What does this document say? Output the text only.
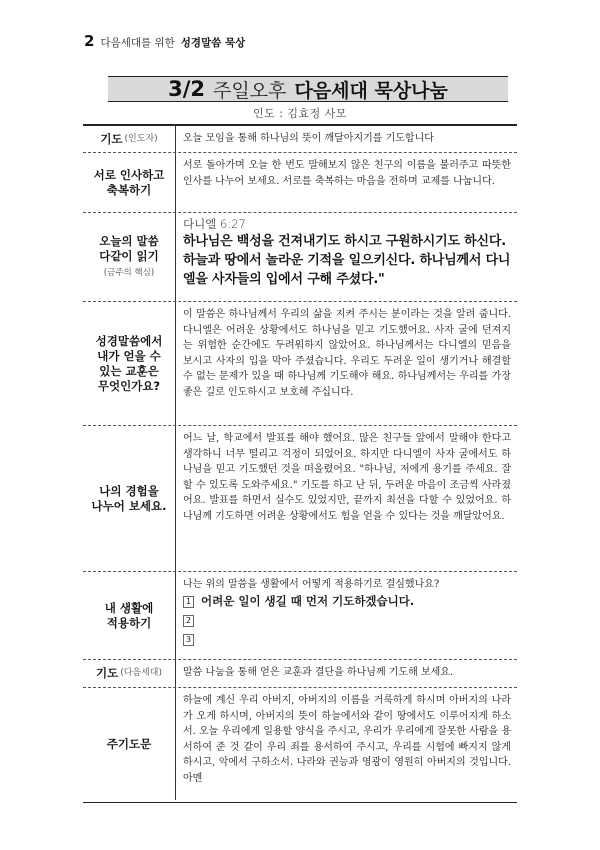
2 다음세대를 위한 성경말씀 묵상
3/2 주일오후 다음세대 묵상나눔
인도 : 김효정 사모
기도 (인도자)	오늘 모임을 통해 하나님의 뜻이 깨달아지기를 기도합니다

서로 인사하고
축복하기

서로 돌아가며 오늘 한 번도 말해보지 않은 친구의 이름을 불러주고 따뜻한 인사를 나누어 보세요. 서로를 축복하는 마음을 전하며 교제를 나눕니다.

오늘의 말씀
다같이 읽기
(금주의 핵심)
다니엘 6:27
하나님은 백성을 건져내기도 하시고 구원하시기도 하신다. 하늘과 땅에서 놀라운 기적을 일으키신다. 하나님께서 다니엘을 사자들의 입에서 구해 주셨다."
성경말씀에서
내가 얻을 수
있는 교훈은
무엇인가요?

이 말씀은 하나님께서 우리의 삶을 지켜 주시는 분이라는 것을 알려 줍니다. 다니엘은 어려운 상황에서도 하나님을 믿고 기도했어요. 사자 굴에 던져지는 위험한 순간에도 두려워하지 않았어요. 하나님께서는 다니엘의 믿음을 보시고 사자의 입을 막아 주셨습니다. 우리도 두려운 일이 생기거나 해결할 수 없는 문제가 있을 때 하나님께 기도해야 해요. 하나님께서는 우리를 가장 좋은 길로 인도하시고 보호해 주십니다.

나의 경험을
나누어 보세요.

어느 날, 학교에서 발표를 해야 했어요. 많은 친구들 앞에서 말해야 한다고 생각하니 너무 떨리고 걱정이 되었어요. 하지만 다니엘이 사자 굴에서도 하나님을 믿고 기도했던 것을 떠올렸어요. "하나님, 저에게 용기를 주세요. 잘할 수 있도록 도와주세요." 기도를 하고 난 뒤, 두려운 마음이 조금씩 사라졌어요. 발표를 하면서 실수도 있었지만, 끝까지 최선을 다할 수 있었어요. 하나님께 기도하면 어려운 상황에서도 힘을 얻을 수 있다는 것을 깨달았어요.

내 생활에
적용하기

나는 위의 말씀을 생활에서 어떻게 적용하기로 결심했나요?

1 어려운 일이 생길 때 먼저 기도하겠습니다.
2
3
기도 (다음세대) 말씀 나눔을 통해 얻은 교훈과 결단을 하나님께 기도해 보세요.

주기도문

하늘에 계신 우리 아버지, 아버지의 이름을 거룩하게 하시며 아버지의 나라가 오게 하시며, 아버지의 뜻이 하늘에서와 같이 땅에서도 이루어지게 하소서. 오늘 우리에게 일용할 양식을 주시고, 우리가 우리에게 잘못한 사람을 용서하여 준 것 같이 우리 죄를 용서하여 주시고, 우리를 시험에 빠지지 않게 하시고, 악에서 구하소서. 나라와 권능과 영광이 영원히 아버지의 것입니다. 아멘
